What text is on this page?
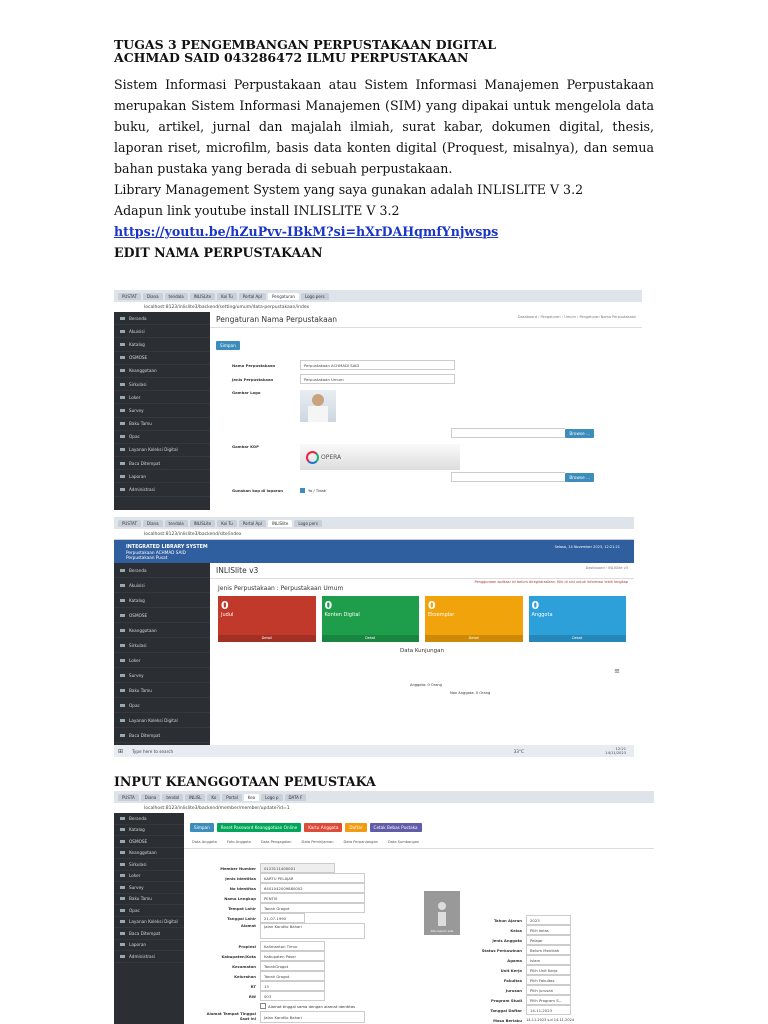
TUGAS 3 PENGEMBANGAN PERPUSTAKAAN DIGITAL
ACHMAD SAID 043286472 ILMU PERPUSTAKAAN

Sistem Informasi Perpustakaan atau Sistem Informasi Manajemen Perpustakaan merupakan Sistem Informasi Manajemen (SIM) yang dipakai untuk mengelola data buku, artikel, jurnal dan majalah ilmiah, surat kabar, dokumen digital, thesis, laporan riset, microfilm, basis data konten digital (Proquest, misalnya), dan semua bahan pustaka yang berada di sebuah perpustakaan.

Library Management System yang saya gunakan adalah INLISLITE V 3.2

Adapun link youtube install INLISLITE V 3.2

https://youtu.be/hZuPvv-IBkM?si=hXrDAHqmfYnjwsps

EDIT NAMA PERPUSTAKAAN

PUSTAT	Diana	tendala	INLISLite	Koi Tu	Portal Apl	Pengaturan	Logo pers
localhost:8123/inlislite3/backend/setting/umum/data-perpustakaan/index
Beranda
Akuisisi
Katalog
OSMOSE
Keanggotaan
Sirkulasi
Loker
Survey
Baku Tamu
Opac
Layanan Koleksi Digital
Baca Ditempat
Laporan
Administrasi
Pengaturan Nama Perpustakaan	Dashboard › Pengaturan › Umum › Pengaturan Nama Perpustakaan
Simpan
Nama Perpustakaan	Perpustakaan ACHMADI SAID
Jenis Perpustakaan	Perpustakaan Umum
Gambar Logo
Browse ...
Gambar KOP
OPERA
Browse ...
Gunakan kop di laporan	Ya / Tidak
PUSTAT	Diana	tendala	INLISLite	Koi Tu	Portal Apl	INLISlite	Logo pers
localhost:8123/inlislite3/backend/site/index
INTEGRATED LIBRARY SYSTEM
Perpustakaan ACHMAD SAID
Perpustakaan Pusat
Selasa, 14 November 2023, 12:21:21
Beranda
Akuisisi
Katalog
OSMOSE
Keanggotaan
Sirkulasi
Loker
Survey
Baku Tamu
Opac
Layanan Koleksi Digital
Baca Ditempat
INLISlite v3	Dashboard › INLISlite v3
Penggunaan aplikasi ini belum diregistrasikan. Klik di sini untuk informasi lebih lengkap
Jenis Perpustakaan : Perpustakaan Umum
0
Judul
Detail
0
Konten Digital
Detail
0
Eksemplar
Detail
0
Anggota
Detail
Data Kunjungan
Anggota: 0 Orang
Non Anggota: 0 Orang
≡
⊞ Type here to search	33°C	12:21
14/11/2023
INPUT KEANGGOTAAN PEMUSTAKA
PUSTA	Diana	tendal	INLISL	Ko	Portal	Kea	Logo p	DATA F
localhost:8123/inlislite3/backend/member/member/update?id=1
Beranda
Katalog
OSMOSE
Keanggotaan
Sirkulasi
Loker
Survey
Baku Tamu
Opac
Layanan Koleksi Digital
Baca Ditempat
Laporan
Administrasi
Simpan	Reset Password Keanggotaan Online	Kartu Anggota	Daftar	Cetak Bebas Pustaka
Data Anggota	Foto Anggota	Data Pengagaian	Data Peminjaman	Data Perpanjangan	Data Sumbangan
Member Number	0123111400001
Jenis Identitas	KARTU PELAJAR
No Identitas	6401042009880002
Nama Lengkap	PENTIS
Tempat Lahir	Tanah Grogot
Tanggal Lahir	21-07-1990
Alamat	Jalan Kandilo Bahari
Propinsi	Kalimantan Timur
Kabupaten/Kota	Kabupaten Paser
Kecamatan	TanahGrogot
Kelurahan	Tanah Grogot
RT	13
RW	003
Alamat tinggal sama dengan alamat identitas
Alamat Tempat Tinggal Saat ini	Jalan Kandilo Bahari
foto belum ada
Tahun Ajaran	2023
Kelas	Pilih kelas
Jenis Anggota	Pelajar
Status Perkawinan	Belum Menikah
Agama	Islam
Unit Kerja	Pilih Unit Kerja
Fakultas	Pilih Fakultas
Jurusan	Pilih jurusan
Program Studi	Pilih Program S...
Tanggal Daftar	14-11-2023
Masa Berlaku	14-11-2023 s.d 14-11-2024
